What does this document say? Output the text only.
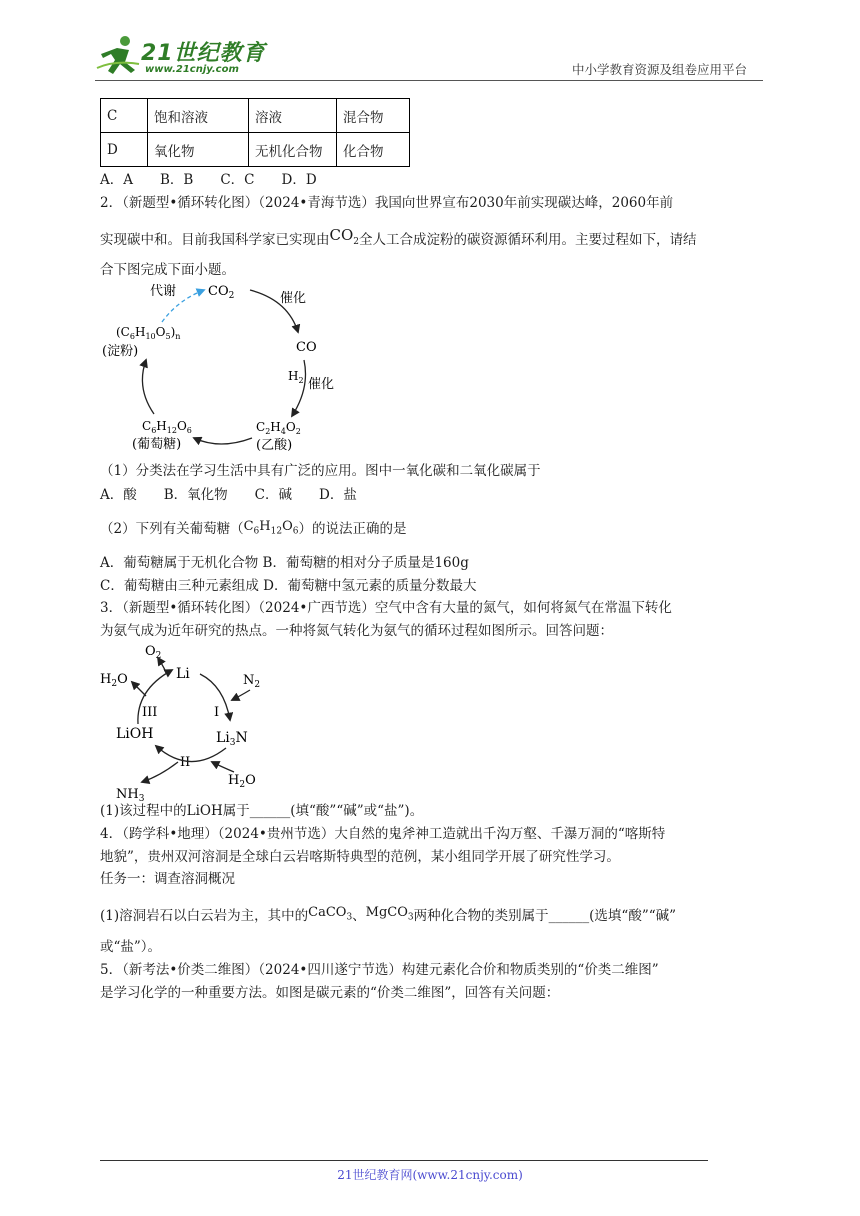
21世纪教育
www.21cnjy.com	中小学教育资源及组卷应用平台
C	饱和溶液	溶液	混合物
D	氧化物	无机化合物	化合物
A．A　　B．B　　C．C　　D．D
2．（新题型•循环转化图）（2024•青海节选）我国向世界宣布2030年前实现碳达峰，2060年前
实现碳中和。目前我国科学家已实现由$CO_2$全人工合成淀粉的碳资源循环利用。主要过程如下，请结
合下图完成下面小题。
代谢 $CO_2$	催化
CO
$H_2$ 催化
$C_2H_4O_2$
(乙酸)
$C_6H_{12}O_6$
(葡萄糖)
$(C_6H_{10}O_5)_n$
(淀粉)
（1）分类法在学习生活中具有广泛的应用。图中一氧化碳和二氧化碳属于
A．酸　　B．氧化物　　C．碱　　D．盐
（2）下列有关葡萄糖$(C_6H_{12}O_6)$的说法正确的是
A．葡萄糖属于无机化合物 B．葡萄糖的相对分子质量是160g
C．葡萄糖由三种元素组成 D．葡萄糖中氢元素的质量分数最大
3．（新题型•循环转化图）（2024•广西节选）空气中含有大量的氮气，如何将氮气在常温下转化
为氨气成为近年研究的热点。一种将氮气转化为氨气的循环过程如图所示。回答问题：
$O_2$
Li
$H_2O$	$N_2$
III	I
LiOH	$Li_3N$
II
$NH_3$
$H_2O$
(1)该过程中的LiOH属于______(填“酸”“碱”或“盐”)。
4．（跨学科•地理）（2024•贵州节选）大自然的鬼斧神工造就出千沟万壑、千瀑万洞的“喀斯特
地貌”，贵州双河溶洞是全球白云岩喀斯特典型的范例，某小组同学开展了研究性学习。
任务一：调查溶洞概况
(1)溶洞岩石以白云岩为主，其中的CaCO$_3$、MgCO$_3$两种化合物的类别属于______(选填“酸”“碱”
或“盐”）。
5．（新考法•价类二维图）（2024•四川遂宁节选）构建元素化合价和物质类别的“价类二维图”
是学习化学的一种重要方法。如图是碳元素的“价类二维图”，回答有关问题：
21世纪教育网(www.21cnjy.com)
